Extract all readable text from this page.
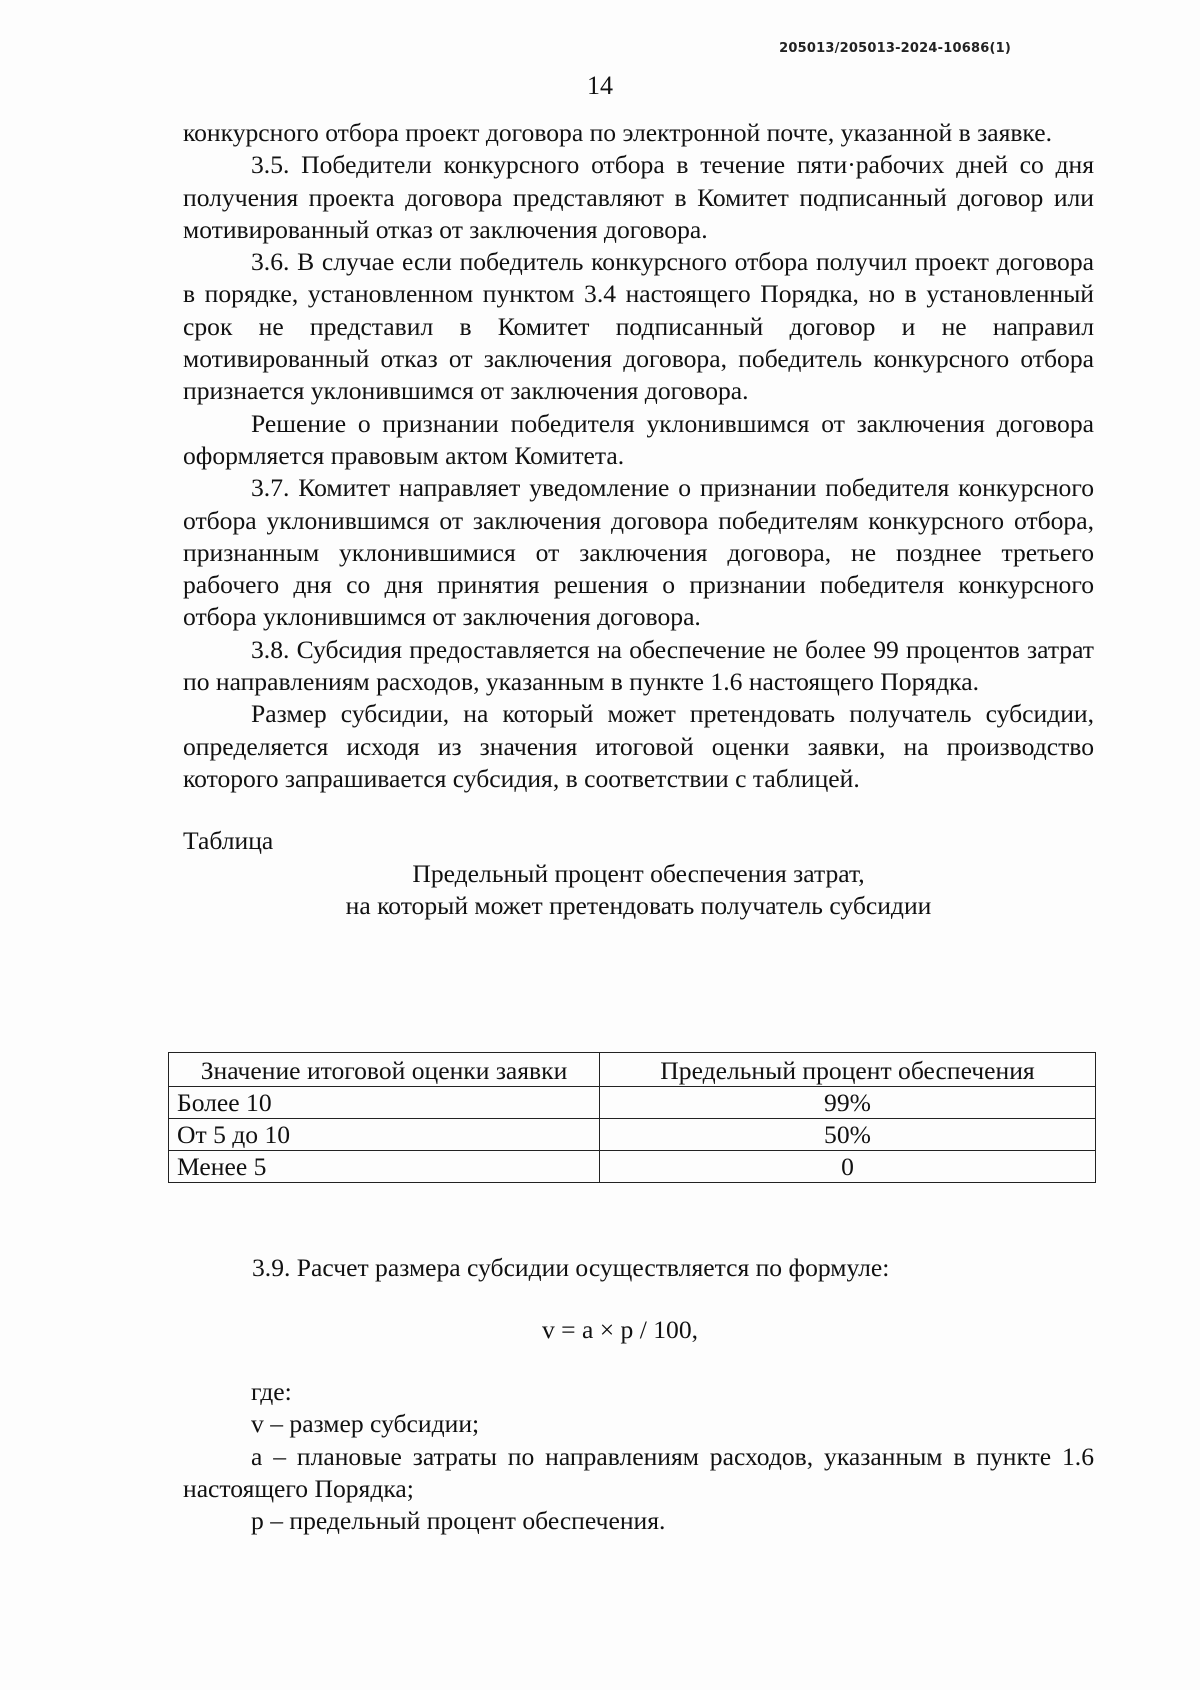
205013/205013-2024-10686(1)
14

конкурсного отбора проект договора по электронной почте, указанной в заявке.

3.5. Победители конкурсного отбора в течение пяти·рабочих дней со дня получения проекта договора представляют в Комитет подписанный договор или мотивированный отказ от заключения договора.

3.6. В случае если победитель конкурсного отбора получил проект договора в порядке, установленном пунктом 3.4 настоящего Порядка, но в установленный срок не представил в Комитет подписанный договор и не направил мотивированный отказ от заключения договора, победитель конкурсного отбора признается уклонившимся от заключения договора.

Решение о признании победителя уклонившимся от заключения договора оформляется правовым актом Комитета.

3.7. Комитет направляет уведомление о признании победителя конкурсного отбора уклонившимся от заключения договора победителям конкурсного отбора, признанным уклонившимися от заключения договора, не позднее третьего рабочего дня со дня принятия решения о признании победителя конкурсного отбора уклонившимся от заключения договора.

3.8. Субсидия предоставляется на обеспечение не более 99 процентов затрат по направлениям расходов, указанным в пункте 1.6 настоящего Порядка.

Размер субсидии, на который может претендовать получатель субсидии, определяется исходя из значения итоговой оценки заявки, на производство которого запрашивается субсидия, в соответствии с таблицей.

Таблица

Предельный процент обеспечения затрат,

на который может претендовать получатель субсидии

Значение итоговой оценки заявки	Предельный процент обеспечения
Более 10	99%
От 5 до 10	50%
Менее 5	0
3.9. Расчет размера субсидии осуществляется по формуле:
v = a × p / 100,

где:

v – размер субсидии;

a – плановые затраты по направлениям расходов, указанным в пункте 1.6 настоящего Порядка;

p – предельный процент обеспечения.
